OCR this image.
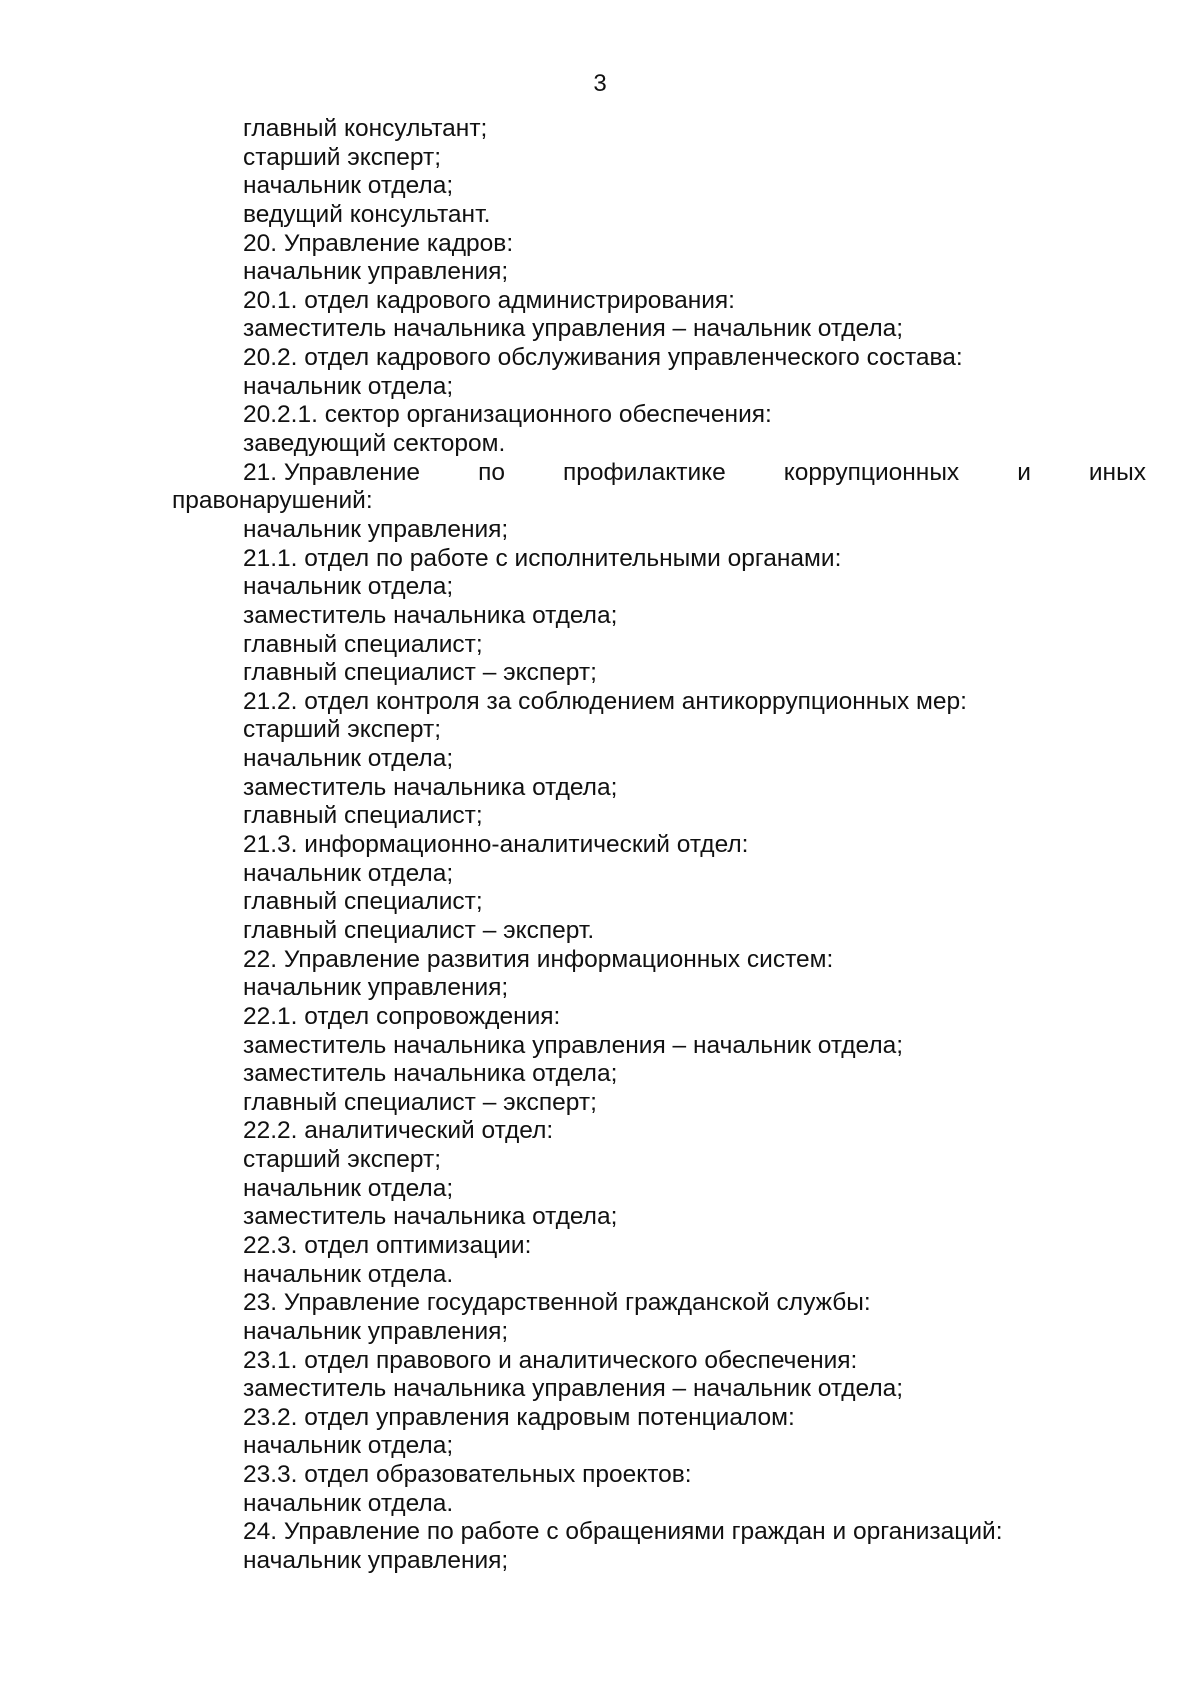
3
главный консультант;
старший эксперт;
начальник отдела;
ведущий консультант.
20. Управление кадров:
начальник управления;
20.1. отдел кадрового администрирования:
заместитель начальника управления – начальник отдела;
20.2. отдел кадрового обслуживания управленческого состава:
начальник отдела;
20.2.1. сектор организационного обеспечения:
заведующий сектором.
21. Управление по профилактике коррупционных и иных
правонарушений:
начальник управления;
21.1. отдел по работе с исполнительными органами:
начальник отдела;
заместитель начальника отдела;
главный специалист;
главный специалист – эксперт;
21.2. отдел контроля за соблюдением антикоррупционных мер:
старший эксперт;
начальник отдела;
заместитель начальника отдела;
главный специалист;
21.3. информационно-аналитический отдел:
начальник отдела;
главный специалист;
главный специалист – эксперт.
22. Управление развития информационных систем:
начальник управления;
22.1. отдел сопровождения:
заместитель начальника управления – начальник отдела;
заместитель начальника отдела;
главный специалист – эксперт;
22.2. аналитический отдел:
старший эксперт;
начальник отдела;
заместитель начальника отдела;
22.3. отдел оптимизации:
начальник отдела.
23. Управление государственной гражданской службы:
начальник управления;
23.1. отдел правового и аналитического обеспечения:
заместитель начальника управления – начальник отдела;
23.2. отдел управления кадровым потенциалом:
начальник отдела;
23.3. отдел образовательных проектов:
начальник отдела.
24. Управление по работе с обращениями граждан и организаций:
начальник управления;
